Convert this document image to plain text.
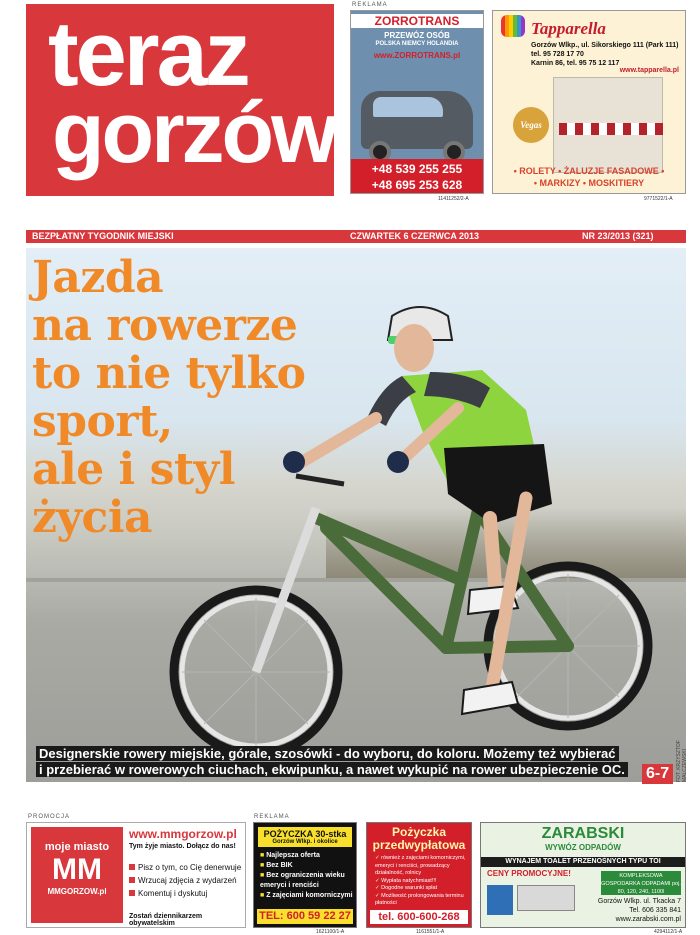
teraz
gorzów
REKLAMA
ZORROTRANS
PRZEWÓZ OSÓB
POLSKA NIEMCY HOLANDIA
www.ZORROTRANS.pl
+48 539 255 255
+48 695 253 628
11411252/2-A
Tapparella
Gorzów Wlkp., ul. Sikorskiego 111 (Park 111)
tel. 95 728 17 70
Karnin 86, tel. 95 75 12 117
www.tapparella.pl
Vegas
• ROLETY • ŻALUZJE FASADOWE •
• MARKIZY • MOSKITIERY
9771522/1-A
BEZPŁATNY TYGODNIK MIEJSKI	CZWARTEK 6 CZERWCA 2013	NR 23/2013 (321)
Jazda
na rowerze
to nie tylko
sport,
ale i styl
życia
Designerskie rowery miejskie, górale, szosówki - do wyboru, do koloru. Możemy też wybierać
i przebierać w rowerowych ciuchach, ekwipunku, a nawet wykupić na rower ubezpieczenie OC. 6-7	FOT. KRZYSZTOF MALCZEWSKI
PROMOCJA	REKLAMA
moje miasto
MM
MMGORZOW.pl
www.mmgorzow.pl
Tym żyje miasto. Dołącz do nas!
Pisz o tym, co Cię denerwuje
Wrzucaj zdjęcia z wydarzeń
Komentuj i dyskutuj
Zostań dziennikarzem obywatelskim
POŻYCZKA 30-stka
Gorzów Wlkp. i okolice
■ Najlepsza oferta
■ Bez BIK
■ Bez ograniczenia wieku emeryci i renciści
■ Z zajęciami komorniczymi
TEL: 600 59 22 27
1621100/1-A
Pożyczka przedwypłatowa
✓ również z zajęciami komorniczymi, emeryci i renciści, prowadzący działalność, rolnicy
✓ Wypłata natychmiast!!!
✓ Dogodne warunki spłat
✓ Możliwość prolongowania terminu płatności
tel. 600-600-268
1161551/1-A
ZARABSKI
WYWÓZ ODPADÓW
WYNAJEM TOALET PRZENOŚNYCH TYPU TOI
CENY PROMOCYJNE!	KOMPLEKSOWA GOSPODARKA ODPADAMI poj. 80, 120, 240, 1100l
Gorzów Wlkp. ul. Tkacka 7
Tel. 606 335 841
www.zarabski.com.pl
4294112/1-A
